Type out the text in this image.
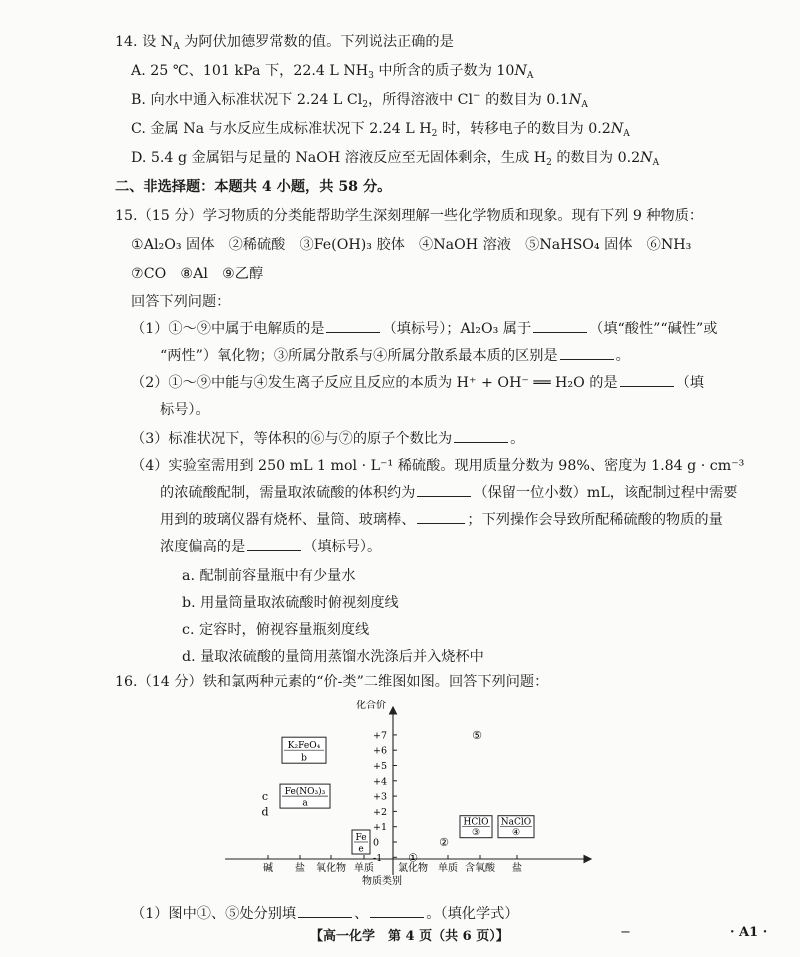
14. 设 $N_A$ 为阿伏加德罗常数的值。下列说法正确的是
A. 25 ℃、101 kPa 下，22.4 L $NH_3$ 中所含的质子数为 $10N_A$
B. 向水中通入标准状况下 2.24 L $Cl_2$，所得溶液中 Cl− 的数目为 $0.1N_A$
C. 金属 Na 与水反应生成标准状况下 2.24 L $H_2$ 时，转移电子的数目为 $0.2N_A$
D. 5.4 g 金属铝与足量的 NaOH 溶液反应至无固体剩余，生成 $H_2$ 的数目为 $0.2N_A$
二、非选择题：本题共 4 小题，共 58 分。
15.（15 分）学习物质的分类能帮助学生深刻理解一些化学物质和现象。现有下列 9 种物质：
①Al₂O₃ 固体　②稀硫酸　③Fe(OH)₃ 胶体　④NaOH 溶液　⑤NaHSO₄ 固体　⑥NH₃
⑦CO　⑧Al　⑨乙醇
回答下列问题：
（1）①～⑨中属于电解质的是	（填标号）；Al₂O₃ 属于	（填“酸性”“碱性”或
“两性”）氧化物；③所属分散系与④所属分散系最本质的区别是	。
（2）①～⑨中能与④发生离子反应且反应的本质为 H⁺ + OH⁻ ══ H₂O 的是	（填
标号）。
（3）标准状况下，等体积的⑥与⑦的原子个数比为	。
（4）实验室需用到 250 mL 1 mol · L⁻¹ 稀硫酸。现用质量分数为 98%、密度为 1.84 g · cm⁻³
的浓硫酸配制，需量取浓硫酸的体积约为	（保留一位小数）mL，该配制过程中需要
用到的玻璃仪器有烧杯、量筒、玻璃棒、	；下列操作会导致所配稀硫酸的物质的量
浓度偏高的是	（填标号）。
a. 配制前容量瓶中有少量水
b. 用量筒量取浓硫酸时俯视刻度线
c. 定容时，俯视容量瓶刻度线
d. 量取浓硫酸的量筒用蒸馏水洗涤后并入烧杯中
16.（14 分）铁和氯两种元素的“价-类”二维图如图。回答下列问题：
化合价
物质类别
+7
+6
+5
+4
+3
+2
+1
0
-1
碱 盐 氧化物 单质 氯化物 单质 含氧酸 盐
K₂FeO₄
b
Fe(NO₃)₃
a
Fe
e
HClO
③
NaClO
④
⑤
②
①
c
d
（1）图中①、⑤处分别填	、	。（填化学式）
【高一化学　第 4 页（共 6 页）】	−	· A1 ·
